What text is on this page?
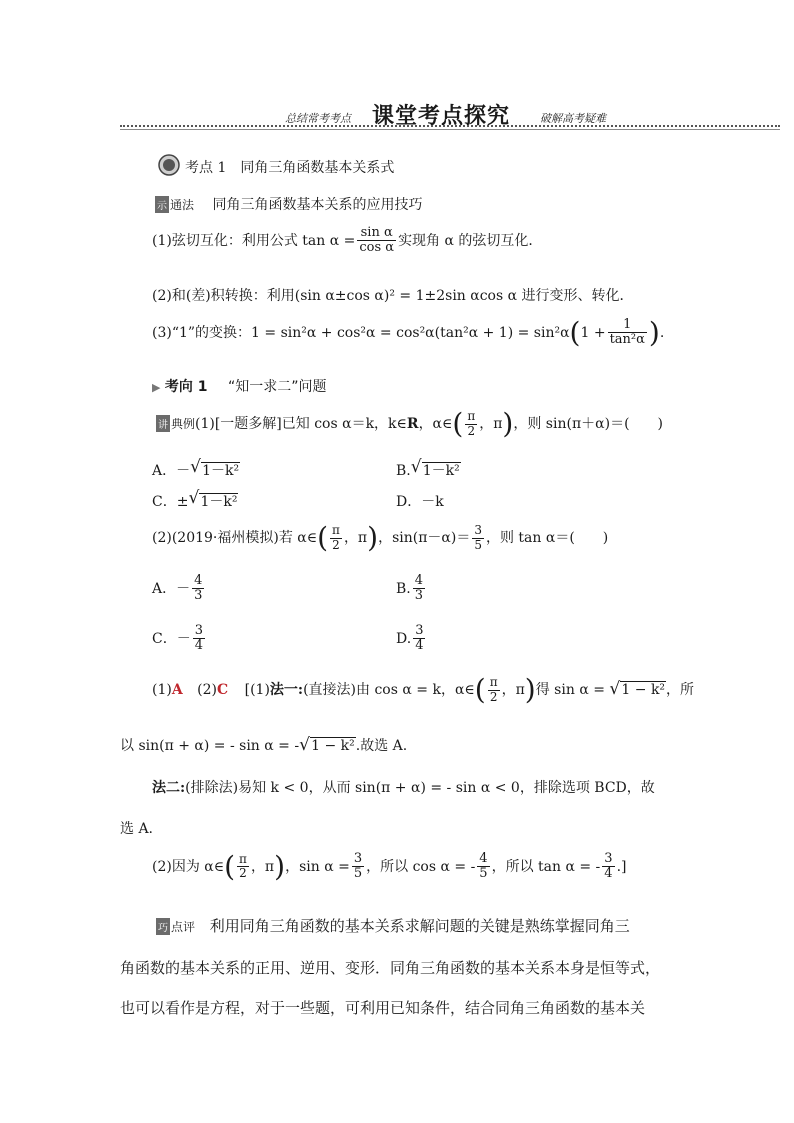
总结常考考点 课堂考点探究	破解高考疑难
考点 1　同角三角函数基本关系式
示 通法 同角三角函数基本关系的应用技巧
(1)弦切互化：利用公式 $\tan \alpha = \frac{\text{sin α}}{\text{cos α}}$ 实现角 α 的弦切互化．
(2)和(差)积转换：利用(sin α±cos α)² = 1±2sin αcos α 进行变形、转化．
(3)“1”的变换：$1 = \sin^2\alpha + \cos^2\alpha = \cos^2\alpha(\tan^2\alpha + 1) = \sin^2\alpha(1 + \frac{1}{\text{tan²α}}$ ).
▶ 考向 1 “知一求二”问题
讲 典例(1)[一题多解]已知 cos α＝k，k∈R，α∈( $\frac{\pi}{2}$ ，π)，则 sin(π＋α)＝(　　)
A．－ √ 1－k²	B. √ 1－k²
C．± √ 1－k²	D．－k
(2)(2019·福州模拟)若 α∈( $\frac{\pi}{2}$ ，π)，$\sin(\pi-\alpha)= \frac{3}{5}$ ，则 tan α＝(　　)
A．－ $\frac{4}{3}$	B. $\frac{4}{3}$
C．－ $\frac{3}{4}$	D. $\frac{3}{4}$
(1)A (2)C [(1)法一:(直接法)由 cos α = k，α∈( $\frac{\pi}{2}$ ，π)得 sin α = √ 1 − k²，所
以 sin(π + α) = - sin α = - √ 1 − k².故选 A.
法二:(排除法)易知 k < 0，从而 sin(π + α) = - sin α < 0，排除选项 BCD，故
选 A.
(2)因为 α∈( $\frac{\pi}{2}$ ，π)，$\sin \alpha = \frac{3}{5}$ ，所以 cos α = - $\frac{4}{5}$ ，所以 tan α = - $\frac{3}{4}$ .]
巧 点评 利用同角三角函数的基本关系求解问题的关键是熟练掌握同角三
角函数的基本关系的正用、逆用、变形．同角三角函数的基本关系本身是恒等式，
也可以看作是方程，对于一些题，可利用已知条件，结合同角三角函数的基本关
